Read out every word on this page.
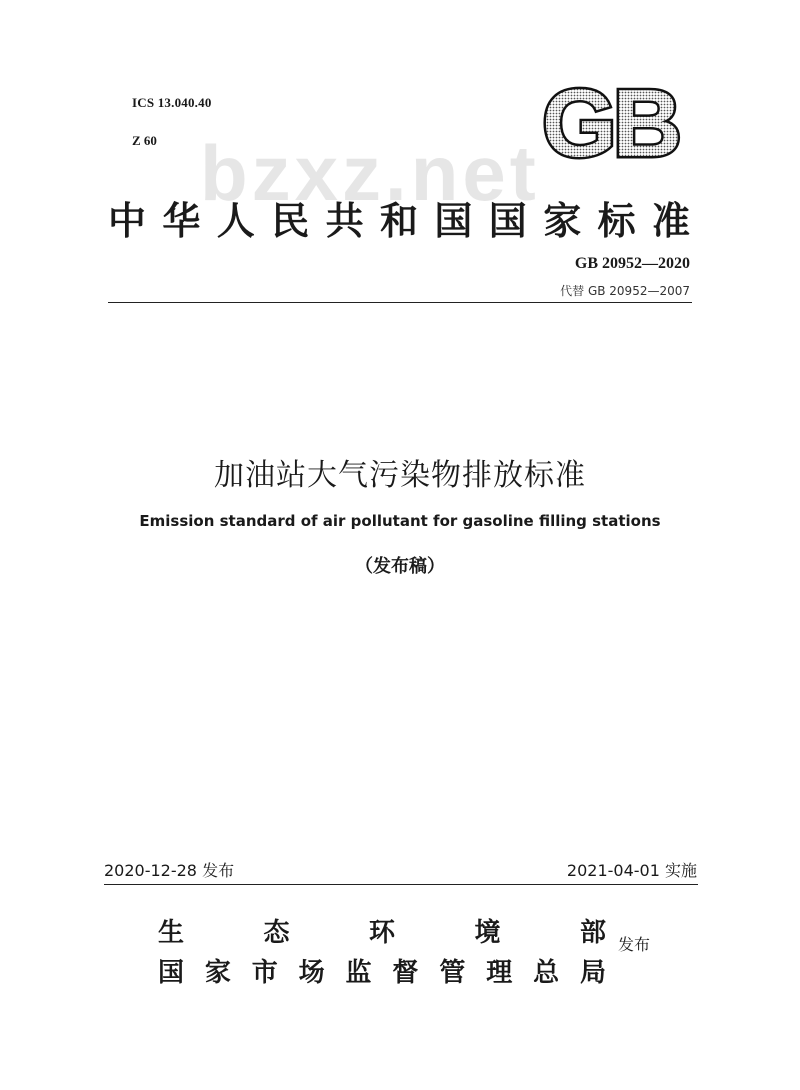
ICS 13.040.40
Z 60	GB
bzxz.net
中华人民共和国国家标准
GB 20952—2020
代替 GB 20952—2007
加油站大气污染物排放标准
Emission standard of air pollutant for gasoline filling stations
（发布稿）
2020-12-28 发布	2021-04-01 实施
生　态　环　境　部
国家市场监督管理总局
发布
